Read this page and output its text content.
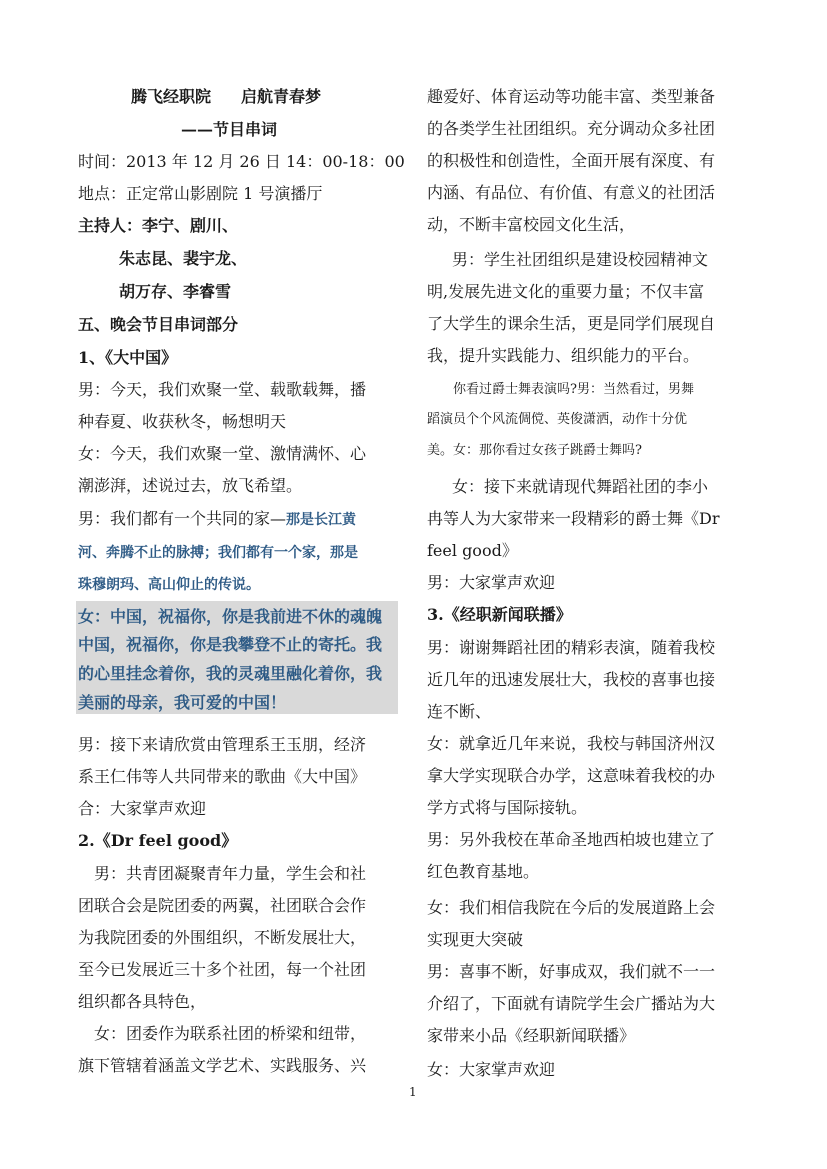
腾飞经职院 启航青春梦
——节目串词
时间：2013 年 12 月 26 日 14：00-18：00
地点：正定常山影剧院 1 号演播厅
主持人：李宁、剧川、
朱志昆、裴宇龙、
胡万存、李睿雪
五、晚会节目串词部分
1、《大中国》
男：今天，我们欢聚一堂、载歌载舞，播
种春夏、收获秋冬，畅想明天
女：今天，我们欢聚一堂、激情满怀、心
潮澎湃，述说过去，放飞希望。
男：我们都有一个共同的家—那是长江黄
河、奔腾不止的脉搏；我们都有一个家，那是
珠穆朗玛、高山仰止的传说。
女：中国，祝福你，你是我前进不休的魂魄
中国，祝福你，你是我攀登不止的寄托。我
的心里挂念着你，我的灵魂里融化着你，我
美丽的母亲，我可爱的中国！
男：接下来请欣赏由管理系王玉朋，经济
系王仁伟等人共同带来的歌曲《大中国》
合：大家掌声欢迎
2.《Dr feel good》
男：共青团凝聚青年力量，学生会和社
团联合会是院团委的两翼，社团联合会作
为我院团委的外围组织，不断发展壮大，
至今已发展近三十多个社团，每一个社团
组织都各具特色，
女：团委作为联系社团的桥梁和纽带，
旗下管辖着涵盖文学艺术、实践服务、兴
趣爱好、体育运动等功能丰富、类型兼备
的各类学生社团组织。充分调动众多社团
的积极性和创造性，全面开展有深度、有
内涵、有品位、有价值、有意义的社团活
动，不断丰富校园文化生活，
男：学生社团组织是建设校园精神文
明,发展先进文化的重要力量；不仅丰富
了大学生的课余生活，更是同学们展现自
我，提升实践能力、组织能力的平台。
你看过爵士舞表演吗?男：当然看过，男舞
蹈演员个个风流倜傥、英俊潇洒，动作十分优
美。女：那你看过女孩子跳爵士舞吗?
女：接下来就请现代舞蹈社团的李小
冉等人为大家带来一段精彩的爵士舞《Dr
feel good》
男：大家掌声欢迎
3.《经职新闻联播》
男：谢谢舞蹈社团的精彩表演，随着我校
近几年的迅速发展壮大，我校的喜事也接
连不断、
女：就拿近几年来说，我校与韩国济州汉
拿大学实现联合办学，这意味着我校的办
学方式将与国际接轨。
男：另外我校在革命圣地西柏坡也建立了
红色教育基地。
女：我们相信我院在今后的发展道路上会
实现更大突破
男：喜事不断，好事成双，我们就不一一
介绍了，下面就有请院学生会广播站为大
家带来小品《经职新闻联播》
女：大家掌声欢迎
1
